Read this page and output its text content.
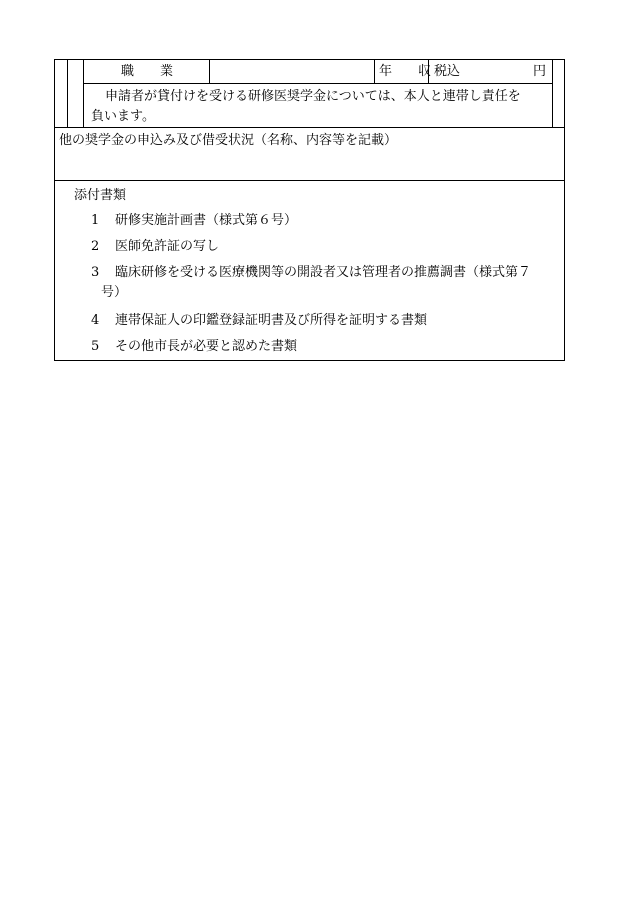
職　　業	年　　収 税込	円
申請者が貸付けを受ける研修医奨学金については、本人と連帯し責任を
負います。
他の奨学金の申込み及び借受状況（名称、内容等を記載）
添付書類
1 研修実施計画書（様式第６号）
2 医師免許証の写し
3 臨床研修を受ける医療機関等の開設者又は管理者の推薦調書（様式第７
号）
4 連帯保証人の印鑑登録証明書及び所得を証明する書類
5 その他市長が必要と認めた書類
